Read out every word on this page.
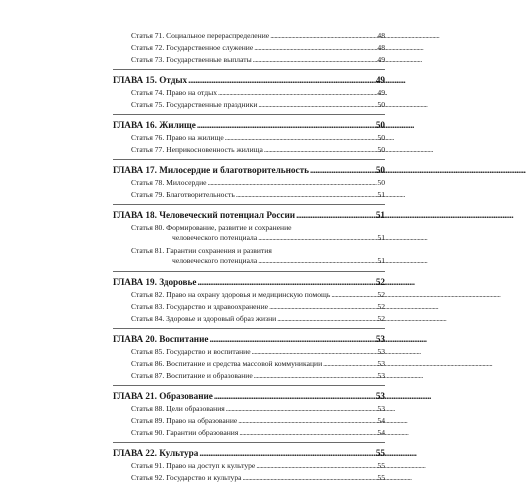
Статья 71. Социальное перераспределение . . .	48
Статья 72. Государственное служение . . .	48
Статья 73. Государственные выплаты . . .	49
ГЛАВА 15. Отдых . . .	49
Статья 74. Право на отдых . . .	49
Статья 75. Государственные праздники . . .	50
ГЛАВА 16. Жилище . . .	50
Статья 76. Право на жилище . . .	50
Статья 77. Неприкосновенность жилища . . .	50
ГЛАВА 17. Милосердие и благотворительность . . .	50
Статья 78. Милосердие . . .	50
Статья 79. Благотворительность . . .	51
ГЛАВА 18. Человеческий потенциал России . . .	51
Статья 80. Формирование, развитие и сохранение
человеческого потенциала . . .	51
Статья 81. Гарантии сохранения и развития
человеческого потенциала . . .	51
ГЛАВА 19. Здоровье . . .	52
Статья 82. Право на охрану здоровья и медицинскую помощь . . .	52
Статья 83. Государство и здравоохранение . . .	52
Статья 84. Здоровье и здоровый образ жизни . . .	52
ГЛАВА 20. Воспитание . . .	53
Статья 85. Государство и воспитание . . .	53
Статья 86. Воспитание и средства массовой коммуникации . . .	53
Статья 87. Воспитание и образование . . .	53
ГЛАВА 21. Образование . . .	53
Статья 88. Цели образования . . .	53
Статья 89. Право на образование . . .	54
Статья 90. Гарантии образования . . .	54
ГЛАВА 22. Культура . . .	55
Статья 91. Право на доступ к культуре . . .	55
Статья 92. Государство и культура . . .	55
